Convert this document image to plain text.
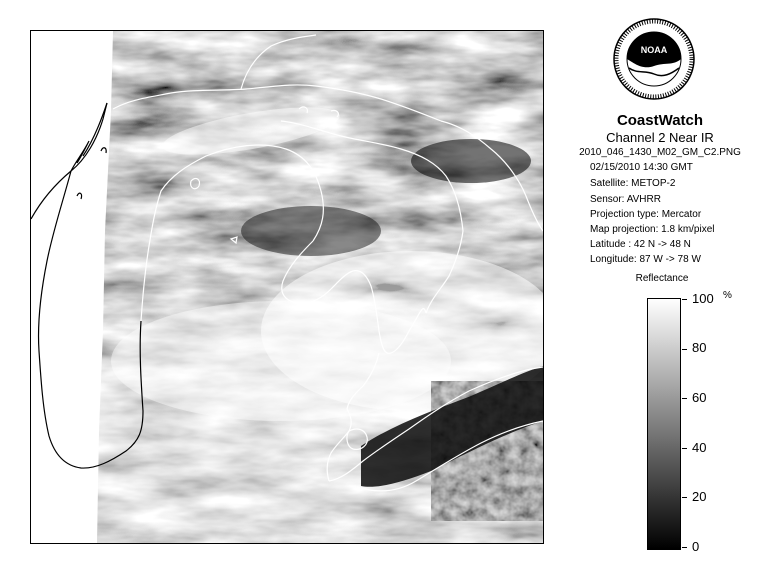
NOAA
CoastWatch
Channel 2 Near IR
2010_046_1430_M02_GM_C2.PNG
02/15/2010 14:30 GMT
Satellite: METOP-2
Sensor: AVHRR
Projection type: Mercator
Map projection: 1.8 km/pixel
Latitude : 42 N -> 48 N
Longitude: 87 W -> 78 W
Reflectance
%
100
80
60
40
20
0
